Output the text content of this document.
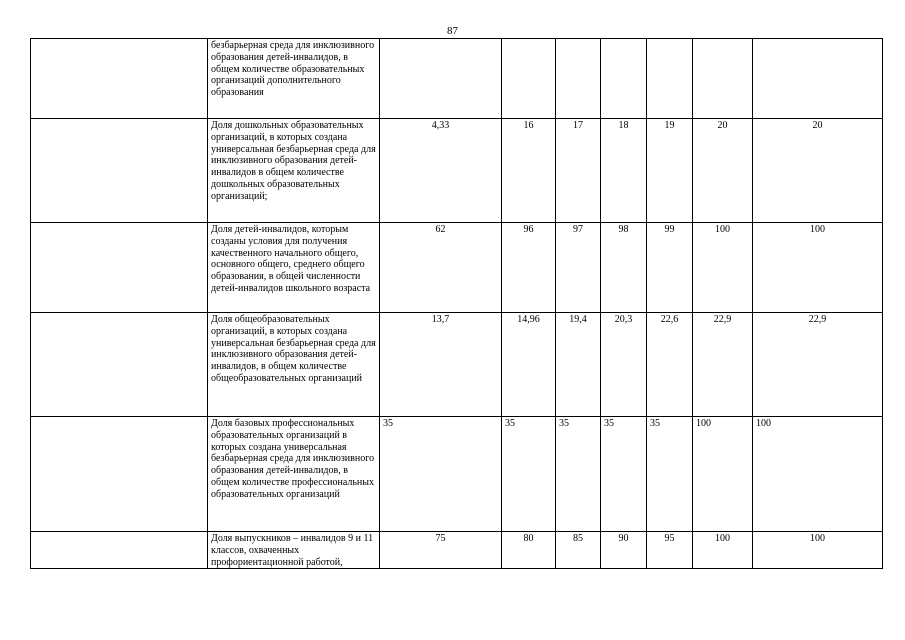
87
	безбарьерная среда для инклюзивного образования детей-инвалидов, в общем количестве образовательных организаций дополнительного образования							
	Доля дошкольных образовательных организаций, в которых создана универсальная безбарьерная среда для инклюзивного образования детей-инвалидов в общем количестве дошкольных образовательных организаций;	4,33	16	17	18	19	20	20
	Доля детей-инвалидов, которым созданы условия для получения качественного начального общего, основного общего, среднего общего образования, в общей численности детей-инвалидов школьного возраста	62	96	97	98	99	100	100
	Доля общеобразовательных организаций, в которых создана универсальная безбарьерная среда для инклюзивного образования детей-инвалидов, в общем количестве общеобразовательных организаций	13,7	14,96	19,4	20,3	22,6	22,9	22,9
	Доля базовых профессиональных образовательных организаций в которых создана универсальная безбарьерная среда для инклюзивного образования детей-инвалидов, в общем количестве профессиональных образовательных организаций	35	35	35	35	35	100	100
	Доля выпускников – инвалидов 9 и 11 классов, охваченных профориентационной работой,	75	80	85	90	95	100	100
